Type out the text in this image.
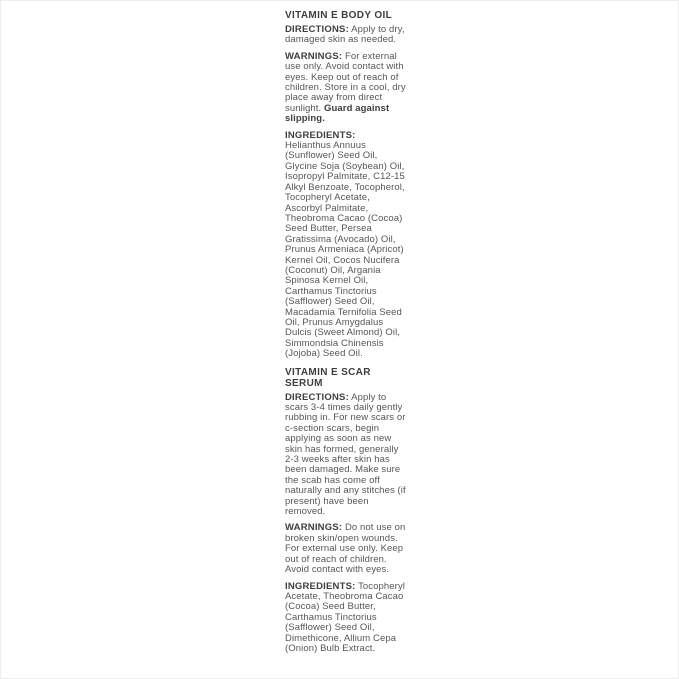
VITAMIN E BODY OIL

DIRECTIONS: Apply to dry, damaged skin as needed.

WARNINGS: For external use only. Avoid contact with eyes. Keep out of reach of children. Store in a cool, dry place away from direct sunlight. Guard against slipping.

INGREDIENTS:
Helianthus Annuus (Sunflower) Seed Oil, Glycine Soja (Soybean) Oil, Isopropyl Palmitate, C12-15 Alkyl Benzoate, Tocopherol, Tocopheryl Acetate, Ascorbyl Palmitate, Theobroma Cacao (Cocoa) Seed Butter, Persea Gratissima (Avocado) Oil, Prunus Armeniaca (Apricot) Kernel Oil, Cocos Nucifera (Coconut) Oil, Argania Spinosa Kernel Oil, Carthamus Tinctorius (Safflower) Seed Oil, Macadamia Ternifolia Seed Oil, Prunus Amygdalus Dulcis (Sweet Almond) Oil, Simmondsia Chinensis (Jojoba) Seed Oil.

VITAMIN E SCAR SERUM

DIRECTIONS: Apply to scars 3-4 times daily gently rubbing in. For new scars or c-section scars, begin applying as soon as new skin has formed, generally 2-3 weeks after skin has been damaged. Make sure the scab has come off naturally and any stitches (if present) have been removed.

WARNINGS: Do not use on broken skin/open wounds. For external use only. Keep out of reach of children. Avoid contact with eyes.

INGREDIENTS: Tocopheryl Acetate, Theobroma Cacao (Cocoa) Seed Butter, Carthamus Tinctorius (Safflower) Seed Oil, Dimethicone, Allium Cepa (Onion) Bulb Extract.
